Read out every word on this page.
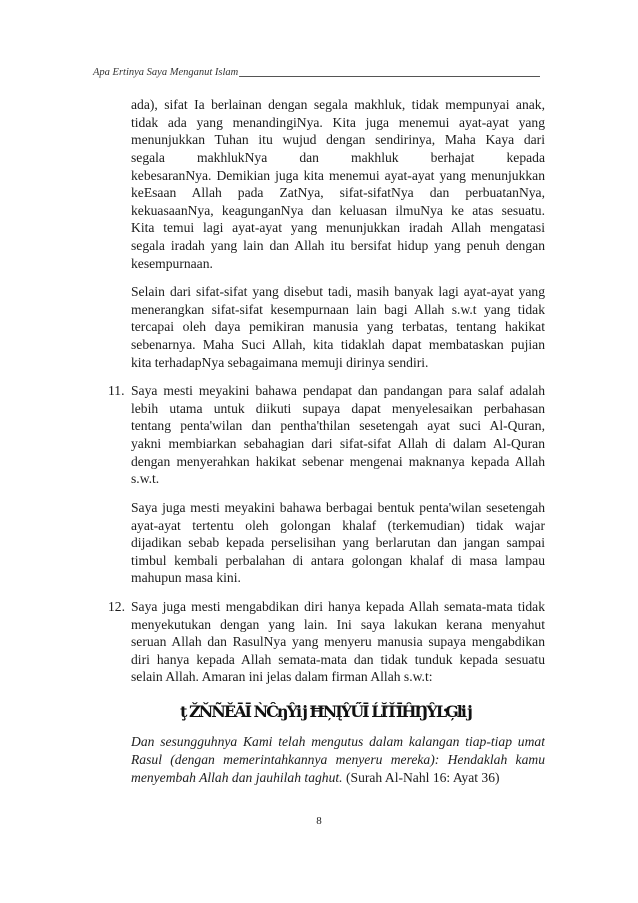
Apa Ertinya Saya Menganut Islam
ada), sifat Ia berlainan dengan segala makhluk, tidak mempunyai anak,
tidak ada yang menandingiNya. Kita juga menemui ayat-ayat yang
menunjukkan Tuhan itu wujud dengan sendirinya, Maha Kaya dari
segala makhlukNya dan makhluk berhajat kepada
kebesaranNya. Demikian juga kita menemui ayat-ayat yang menunjukkan
keEsaan Allah pada ZatNya, sifat-sifatNya dan perbuatanNya,
kekuasaanNya, keagunganNya dan keluasan ilmuNya ke atas sesuatu.
Kita temui lagi ayat-ayat yang menunjukkan iradah Allah mengatasi
segala iradah yang lain dan Allah itu bersifat hidup yang penuh dengan
kesempurnaan.
Selain dari sifat-sifat yang disebut tadi, masih banyak lagi ayat-ayat yang
menerangkan sifat-sifat kesempurnaan lain bagi Allah s.w.t yang tidak
tercapai oleh daya pemikiran manusia yang terbatas, tentang hakikat
sebenarnya. Maha Suci Allah, kita tidaklah dapat membataskan pujian
kita terhadapNya sebagaimana memuji dirinya sendiri.
11. Saya mesti meyakini bahawa pendapat dan pandangan para salaf adalah
lebih utama untuk diikuti supaya dapat menyelesaikan perbahasan
tentang penta'wilan dan pentha'thilan sesetengah ayat suci Al-Quran,
yakni membiarkan sebahagian dari sifat-sifat Allah di dalam Al-Quran
dengan menyerahkan hakikat sebenar mengenai maknanya kepada Allah
s.w.t.
Saya juga mesti meyakini bahawa berbagai bentuk penta'wilan sesetengah
ayat-ayat tertentu oleh golongan khalaf (terkemudian) tidak wajar
dijadikan sebab kepada perselisihan yang berlarutan dan jangan sampai
timbul kembali perbalahan di antara golongan khalaf di masa lampau
mahupun masa kini.
12. Saya juga mesti mengabdikan diri hanya kepada Allah semata-mata tidak
menyekutukan dengan yang lain. Ini saya lakukan kerana menyahut
seruan Allah dan RasulNya yang menyeru manusia supaya mengabdikan
diri hanya kepada Allah semata-mata dan tidak tunduk kepada sesuatu
selain Allah. Amaran ini jelas dalam firman Allah s.w.t:
ţ ŽŇÑĚĀĪ ǸĈŋŶĳ ĦŅĮŶŰĪ ĹĬŤĪĤŊŶĿĢŀĳ
Dan sesungguhnya Kami telah mengutus dalam kalangan tiap-tiap umat
Rasul (dengan memerintahkannya menyeru mereka): Hendaklah kamu
menyembah Allah dan jauhilah taghut. (Surah Al-Nahl 16: Ayat 36)
8
